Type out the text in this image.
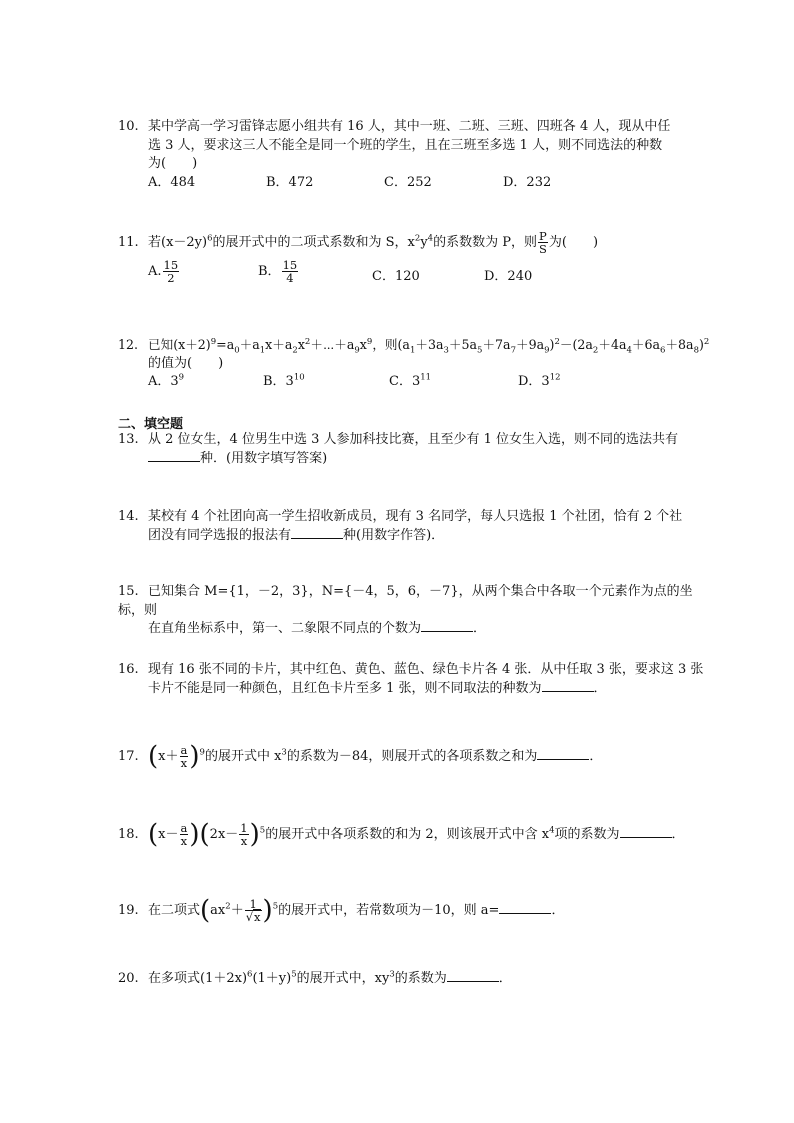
10. 某中学高一学习雷锋志愿小组共有 16 人，其中一班、二班、三班、四班各 4 人，现从中任
选 3 人，要求这三人不能全是同一个班的学生，且在三班至多选 1 人，则不同选法的种数
为(　　)
A．484	B．472	C．252	D．232
11. 若$(x-2y)^6$的展开式中的二项式系数和为 S，$x^2y^4$的系数数为 P，则 $\frac{P}{S}$ 为(　　)
A. $\frac{15}{2}$	B． $\frac{15}{4}$	C．120	D．240
12. 已知$(x+2)^9=a_0+a_1x+a_2x^2+\cdots+a_9x^9$，则$(a_1+3a_3+5a_5+7a_7+9a_9)^2-(2a_2+4a_4+6a_6+8a_8)^2$
的值为(　　)
A．$3^9$	B．$3^{10}$	C．$3^{11}$	D．$3^{12}$
二、填空题
13. 从 2 位女生，4 位男生中选 3 人参加科技比赛，且至少有 1 位女生入选，则不同的选法共有
种．(用数字填写答案)
14. 某校有 4 个社团向高一学生招收新成员，现有 3 名同学，每人只选报 1 个社团，恰有 2 个社
团没有同学选报的报法有	种(用数字作答)．
15. 已知集合 M={1，－2，3}，N={－4，5，6，－7}，从两个集合中各取一个元素作为点的坐标，则
在直角坐标系中，第一、二象限不同点的个数为	．
16. 现有 16 张不同的卡片，其中红色、黄色、蓝色、绿色卡片各 4 张．从中任取 3 张，要求这 3 张
卡片不能是同一种颜色，且红色卡片至多 1 张，则不同取法的种数为	．
17. $(x+ \frac{a}{x} )^9$的展开式中 $x^3$的系数为－84，则展开式的各项系数之和为	．
18. $(x- \frac{a}{x} )(2x- \frac{1}{x} )^5$的展开式中各项系数的和为 2，则该展开式中含 $x^4$项的系数为	．
19. 在二项式$(ax^2+ \frac{1}{√x} )^5$的展开式中，若常数项为－10，则 a=	．
20. 在多项式$(1+2x)^6(1+y)^5$的展开式中，$xy^3$的系数为	．
